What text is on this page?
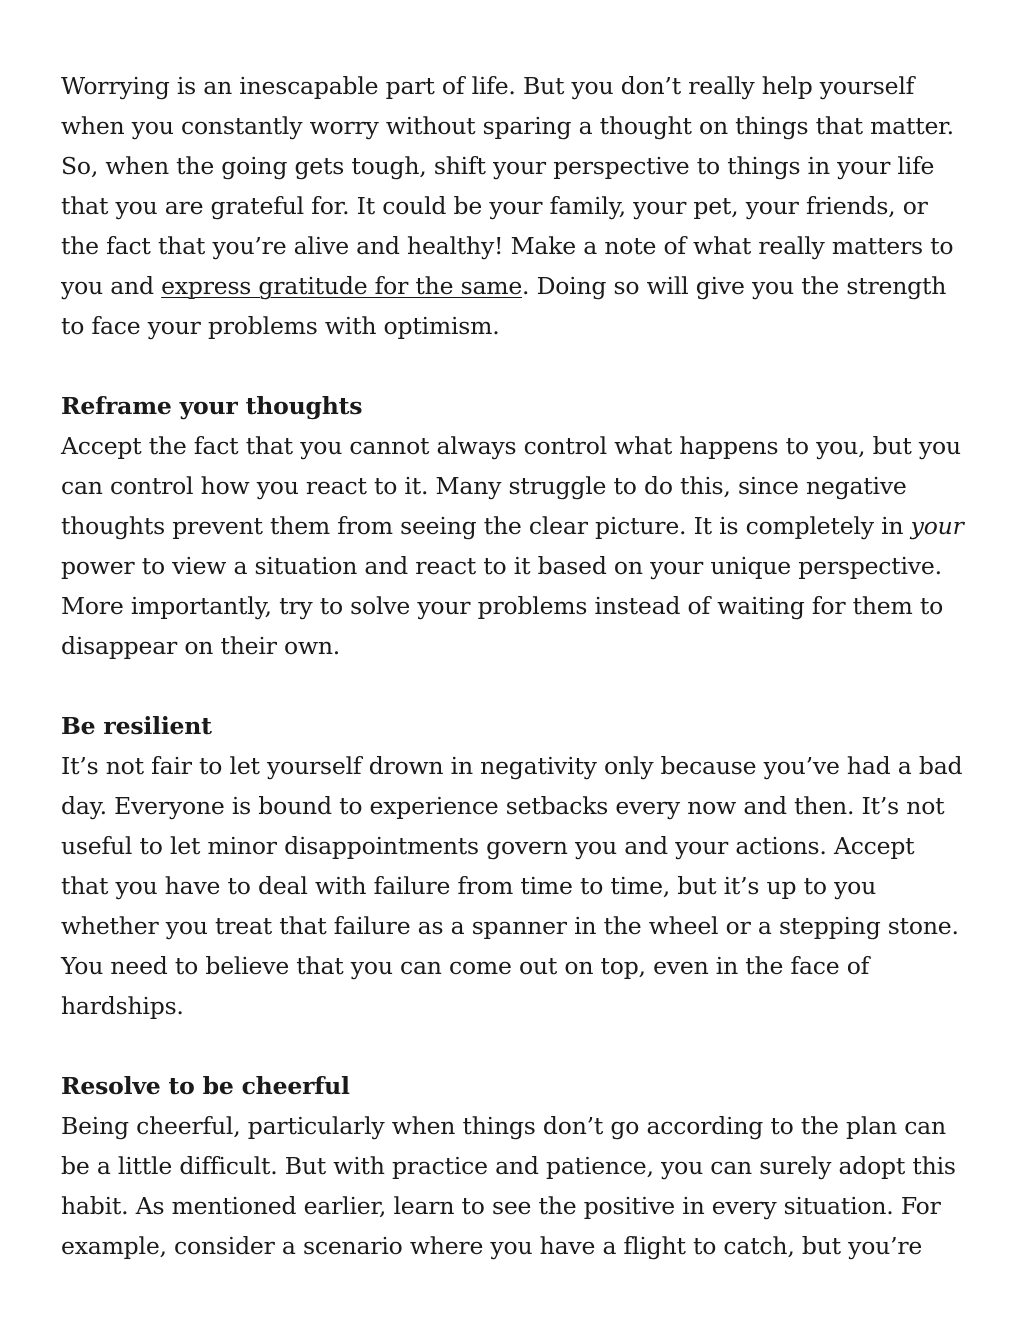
Worrying is an inescapable part of life. But you don’t really help yourself when you constantly worry without sparing a thought on things that matter. So, when the going gets tough, shift your perspective to things in your life that you are grateful for. It could be your family, your pet, your friends, or the fact that you’re alive and healthy! Make a note of what really matters to you and express gratitude for the same. Doing so will give you the strength to face your problems with optimism.

Reframe your thoughts

Accept the fact that you cannot always control what happens to you, but you can control how you react to it. Many struggle to do this, since negative thoughts prevent them from seeing the clear picture. It is completely in your power to view a situation and react to it based on your unique perspective. More importantly, try to solve your problems instead of waiting for them to disappear on their own.

Be resilient

It’s not fair to let yourself drown in negativity only because you’ve had a bad day. Everyone is bound to experience setbacks every now and then. It’s not useful to let minor disappointments govern you and your actions. Accept that you have to deal with failure from time to time, but it’s up to you whether you treat that failure as a spanner in the wheel or a stepping stone. You need to believe that you can come out on top, even in the face of hardships.

Resolve to be cheerful

Being cheerful, particularly when things don’t go according to the plan can be a little difficult. But with practice and patience, you can surely adopt this habit. As mentioned earlier, learn to see the positive in every situation. For example, consider a scenario where you have a flight to catch, but you’re
